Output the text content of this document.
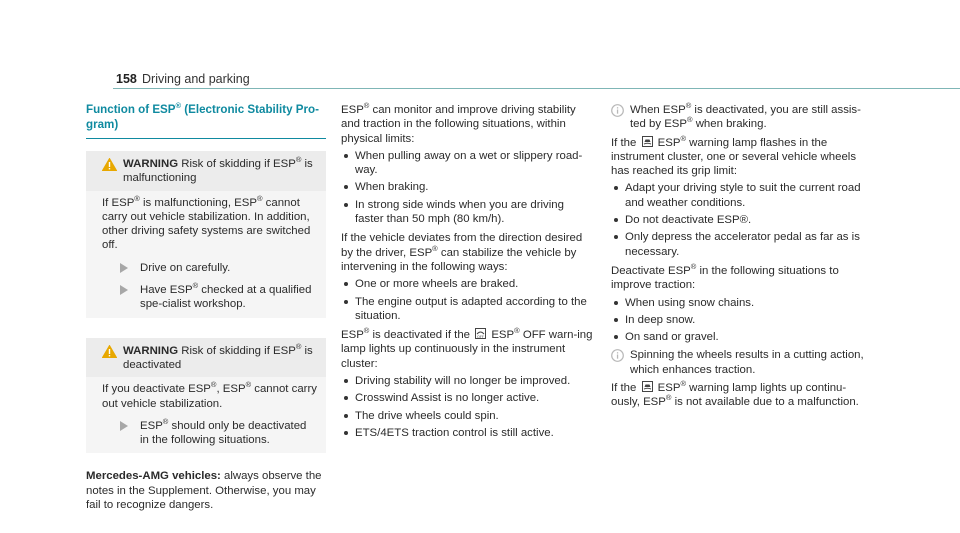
158 Driving and parking

Function of ESP® (Electronic Stability Pro-gram)

WARNING Risk of skidding if ESP® is malfunctioning

If ESP® is malfunctioning, ESP® cannot carry out vehicle stabilization. In addition, other driving safety systems are switched off.

Drive on carefully.

Have ESP® checked at a qualified spe-cialist workshop.

WARNING Risk of skidding if ESP® is deactivated

If you deactivate ESP®, ESP® cannot carry out vehicle stabilization.

ESP® should only be deactivated in the following situations.

Mercedes-AMG vehicles: always observe the notes in the Supplement. Otherwise, you may fail to recognize dangers.

ESP® can monitor and improve driving stability and traction in the following situations, within physical limits:

When pulling away on a wet or slippery road-way.
When braking.
In strong side winds when you are driving faster than 50 mph (80 km/h).

If the vehicle deviates from the direction desired by the driver, ESP® can stabilize the vehicle by intervening in the following ways:

One or more wheels are braked.
The engine output is adapted according to the situation.

ESP® is deactivated if the OFF ESP® OFF warn-ing lamp lights up continuously in the instrument cluster:

Driving stability will no longer be improved.
Crosswind Assist is no longer active.
The drive wheels could spin.
ETS/4ETS traction control is still active.

When ESP® is deactivated, you are still assis-ted by ESP® when braking.

If the  ESP® warning lamp flashes in the instrument cluster, one or several vehicle wheels has reached its grip limit:

Adapt your driving style to suit the current road and weather conditions.
Do not deactivate ESP®.
Only depress the accelerator pedal as far as is necessary.

Deactivate ESP® in the following situations to improve traction:

When using snow chains.
In deep snow.
On sand or gravel.

Spinning the wheels results in a cutting action, which enhances traction.

If the  ESP® warning lamp lights up continu-ously, ESP® is not available due to a malfunction.
